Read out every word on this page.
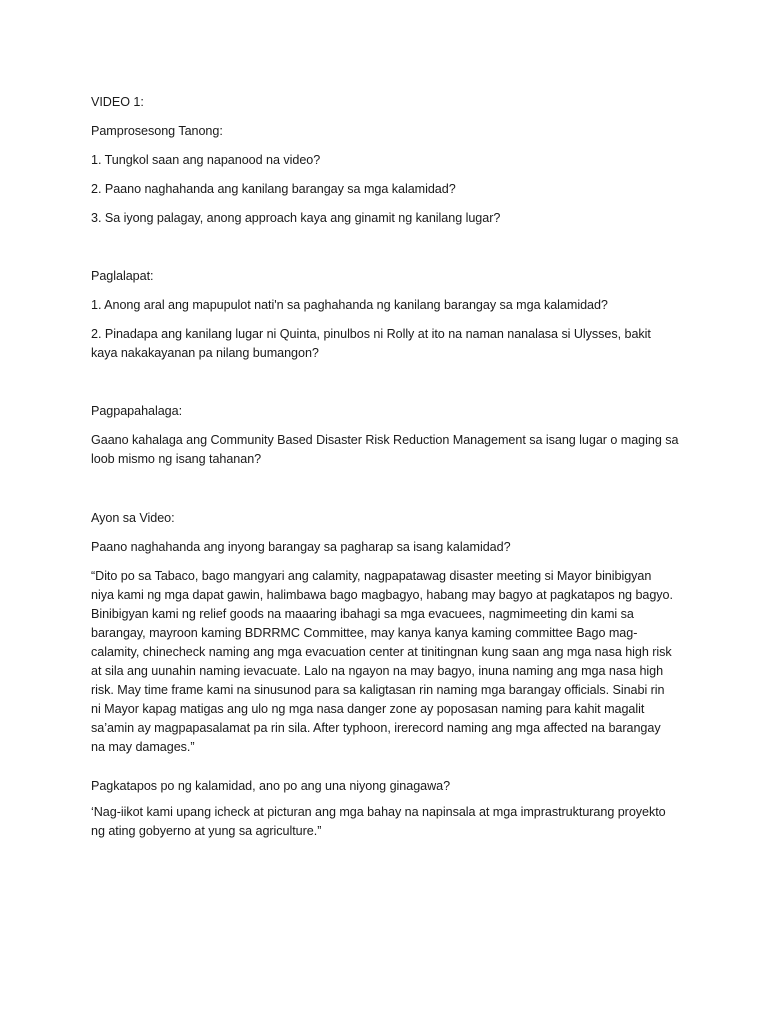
VIDEO 1:
Pamprosesong Tanong:
1. Tungkol saan ang napanood na video?
2. Paano naghahanda ang kanilang barangay sa mga kalamidad?
3. Sa iyong palagay, anong approach kaya ang ginamit ng kanilang lugar?
Paglalapat:
1. Anong aral ang mapupulot nati'n sa paghahanda ng kanilang barangay sa mga kalamidad?
2. Pinadapa ang kanilang lugar ni Quinta, pinulbos ni Rolly at ito na naman nanalasa si Ulysses, bakit
kaya nakakayanan pa nilang bumangon?
Pagpapahalaga:
Gaano kahalaga ang Community Based Disaster Risk Reduction Management sa isang lugar o maging sa
loob mismo ng isang tahanan?
Ayon sa Video:
Paano naghahanda ang inyong barangay sa pagharap sa isang kalamidad?
“Dito po sa Tabaco, bago mangyari ang calamity, nagpapatawag disaster meeting si Mayor binibigyan
niya kami ng mga dapat gawin, halimbawa bago magbagyo, habang may bagyo at pagkatapos ng bagyo.
Binibigyan kami ng relief goods na maaaring ibahagi sa mga evacuees, nagmimeeting din kami sa
barangay, mayroon kaming BDRRMC Committee, may kanya kanya kaming committee Bago mag-
calamity, chinecheck naming ang mga evacuation center at tinitingnan kung saan ang mga nasa high risk
at sila ang uunahin naming ievacuate. Lalo na ngayon na may bagyo, inuna naming ang mga nasa high
risk. May time frame kami na sinusunod para sa kaligtasan rin naming mga barangay officials. Sinabi rin
ni Mayor kapag matigas ang ulo ng mga nasa danger zone ay poposasan naming para kahit magalit
sa’amin ay magpapasalamat pa rin sila. After typhoon, irerecord naming ang mga affected na barangay
na may damages.”
Pagkatapos po ng kalamidad, ano po ang una niyong ginagawa?
‘Nag-iikot kami upang icheck at picturan ang mga bahay na napinsala at mga imprastrukturang proyekto
ng ating gobyerno at yung sa agriculture.”
